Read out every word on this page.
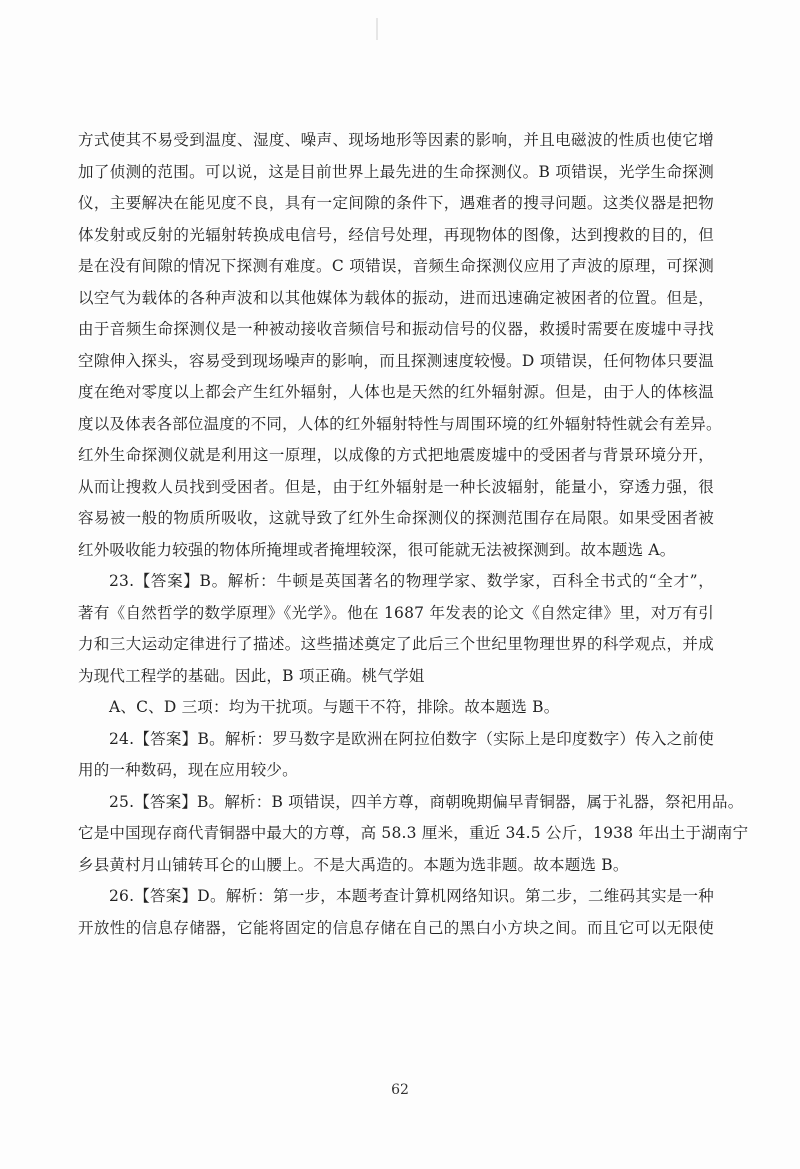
方式使其不易受到温度、湿度、噪声、现场地形等因素的影响，并且电磁波的性质也使它增
加了侦测的范围。可以说，这是目前世界上最先进的生命探测仪。B 项错误，光学生命探测
仪，主要解决在能见度不良，具有一定间隙的条件下，遇难者的搜寻问题。这类仪器是把物
体发射或反射的光辐射转换成电信号，经信号处理，再现物体的图像，达到搜救的目的，但
是在没有间隙的情况下探测有难度。C 项错误，音频生命探测仪应用了声波的原理，可探测
以空气为载体的各种声波和以其他媒体为载体的振动，进而迅速确定被困者的位置。但是，
由于音频生命探测仪是一种被动接收音频信号和振动信号的仪器，救援时需要在废墟中寻找
空隙伸入探头，容易受到现场噪声的影响，而且探测速度较慢。D 项错误，任何物体只要温
度在绝对零度以上都会产生红外辐射，人体也是天然的红外辐射源。但是，由于人的体核温
度以及体表各部位温度的不同，人体的红外辐射特性与周围环境的红外辐射特性就会有差异。
红外生命探测仪就是利用这一原理，以成像的方式把地震废墟中的受困者与背景环境分开，
从而让搜救人员找到受困者。但是，由于红外辐射是一种长波辐射，能量小，穿透力强，很
容易被一般的物质所吸收，这就导致了红外生命探测仪的探测范围存在局限。如果受困者被
红外吸收能力较强的物体所掩埋或者掩埋较深，很可能就无法被探测到。故本题选 A。
23.【答案】B。解析：牛顿是英国著名的物理学家、数学家，百科全书式的“全才”，
著有《自然哲学的数学原理》《光学》。他在 1687 年发表的论文《自然定律》里，对万有引
力和三大运动定律进行了描述。这些描述奠定了此后三个世纪里物理世界的科学观点，并成
为现代工程学的基础。因此，B 项正确。桃气学姐
A、C、D 三项：均为干扰项。与题干不符，排除。故本题选 B。
24.【答案】B。解析：罗马数字是欧洲在阿拉伯数字（实际上是印度数字）传入之前使
用的一种数码，现在应用较少。
25.【答案】B。解析：B 项错误，四羊方尊，商朝晚期偏早青铜器，属于礼器，祭祀用品。
它是中国现存商代青铜器中最大的方尊，高 58.3 厘米，重近 34.5 公斤，1938 年出土于湖南宁
乡县黄村月山铺转耳仑的山腰上。不是大禹造的。本题为选非题。故本题选 B。
26.【答案】D。解析：第一步，本题考查计算机网络知识。第二步，二维码其实是一种
开放性的信息存储器，它能将固定的信息存储在自己的黑白小方块之间。而且它可以无限使
62
